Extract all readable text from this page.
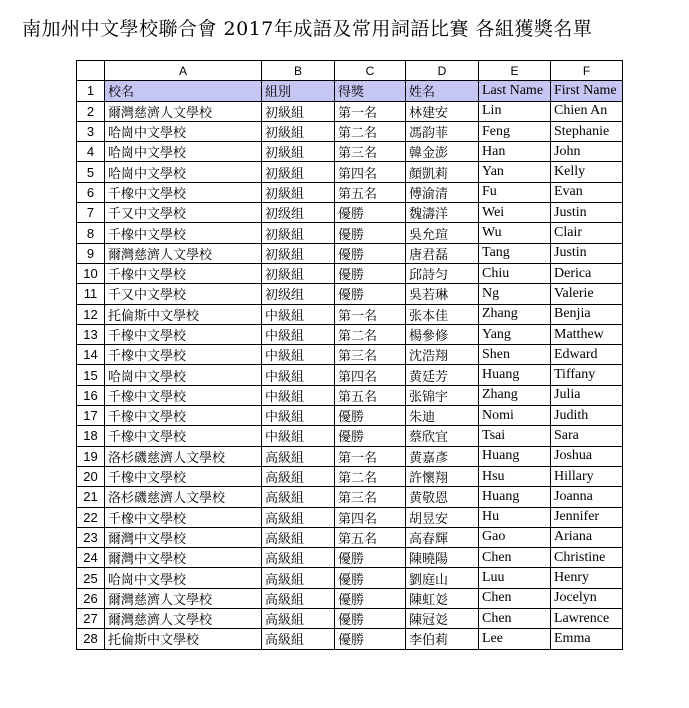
南加州中文學校聯合會 2017年成語及常用詞語比賽 各組獲獎名單
	A	B	C	D	E	F
1	校名	組別	得獎	姓名	Last Name	First Name
2	爾灣慈濟人文學校	初級組	第一名	林建安	Lin	Chien An
3	哈崗中文學校	初級組	第二名	馮韵菲	Feng	Stephanie
4	哈崗中文學校	初級組	第三名	韓金澎	Han	John
5	哈崗中文學校	初級組	第四名	顏凱莉	Yan	Kelly
6	千橡中文學校	初級組	第五名	傅渝清	Fu	Evan
7	千又中文學校	初级组	優勝	魏濤洋	Wei	Justin
8	千橡中文學校	初級組	優勝	吳允瑄	Wu	Clair
9	爾灣慈濟人文學校	初級組	優勝	唐君磊	Tang	Justin
10	千橡中文學校	初級組	優勝	邱詩匀	Chiu	Derica
11	千又中文學校	初级组	優勝	吳若琳	Ng	Valerie
12	托倫斯中文學校	中級組	第一名	张本佳	Zhang	Benjia
13	千橡中文學校	中級組	第二名	楊參修	Yang	Matthew
14	千橡中文學校	中級組	第三名	沈浩翔	Shen	Edward
15	哈崗中文學校	中級組	第四名	黄廷芳	Huang	Tiffany
16	千橡中文學校	中級組	第五名	张锦宇	Zhang	Julia
17	千橡中文學校	中級組	優勝	朱迪	Nomi	Judith
18	千橡中文學校	中級組	優勝	蔡欣宜	Tsai	Sara
19	洛杉磯慈濟人文學校	高級組	第一名	黄嘉彥	Huang	Joshua
20	千橡中文學校	高級組	第二名	許懷翔	Hsu	Hillary
21	洛杉磯慈濟人文學校	高級組	第三名	黄敬恩	Huang	Joanna
22	千橡中文學校	高級組	第四名	胡昱安	Hu	Jennifer
23	爾灣中文學校	高級組	第五名	高春輝	Gao	Ariana
24	爾灣中文學校	高級組	優勝	陳曉陽	Chen	Christine
25	哈崗中文學校	高級組	優勝	劉庭山	Luu	Henry
26	爾灣慈濟人文學校	高級組	優勝	陳虹彣	Chen	Jocelyn
27	爾灣慈濟人文學校	高級組	優勝	陳冠彣	Chen	Lawrence
28	托倫斯中文學校	高級組	優勝	李伯莉	Lee	Emma
